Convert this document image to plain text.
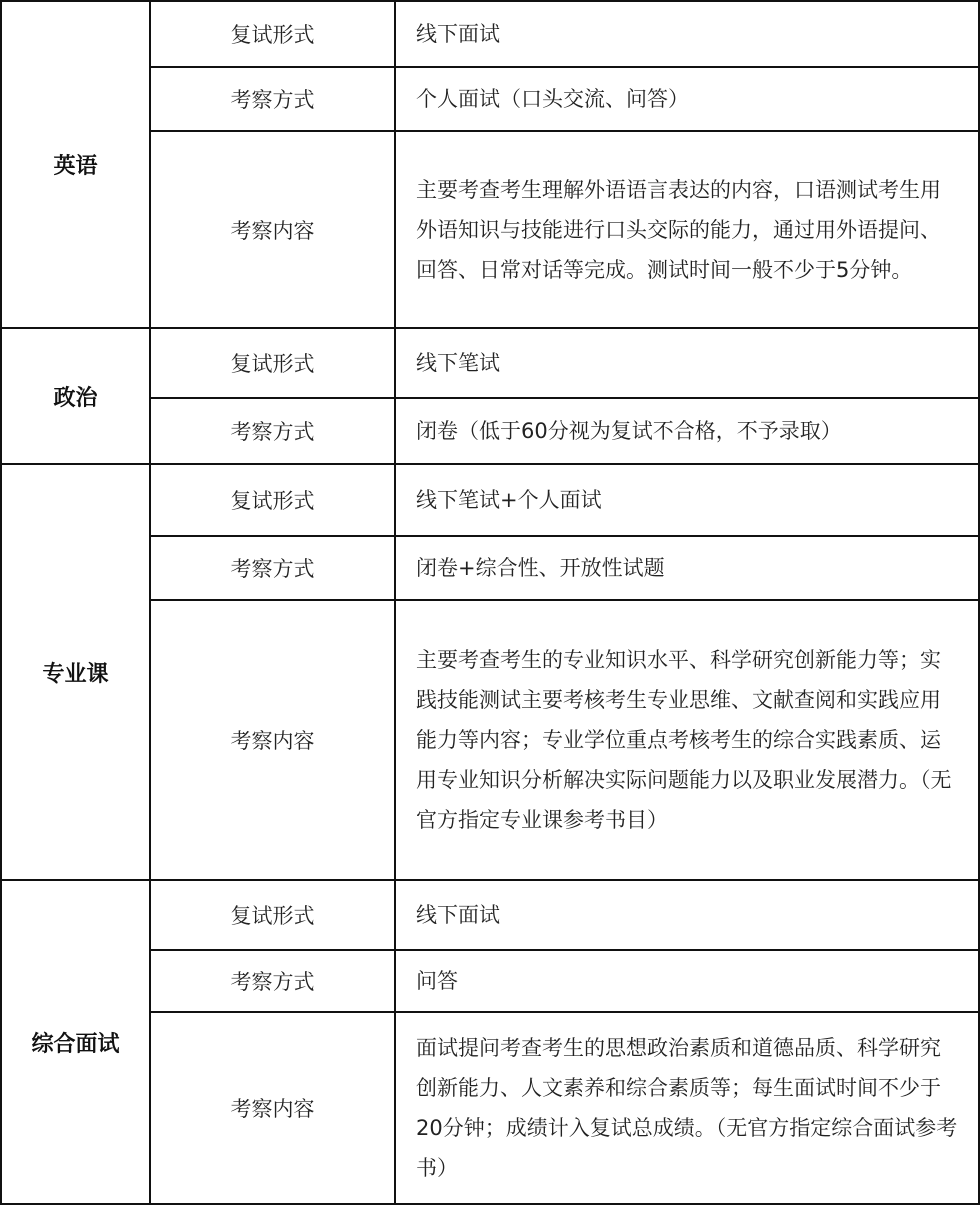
英语	复试形式	线下面试
	考察方式	个人面试（口头交流、问答）
	考察内容	主要考查考生理解外语语言表达的内容，口语测试考生用外语知识与技能进行口头交际的能力，通过用外语提问、回答、日常对话等完成。测试时间一般不少于5分钟。
政治	复试形式	线下笔试
	考察方式	闭卷（低于60分视为复试不合格，不予录取）
专业课	复试形式	线下笔试+个人面试
	考察方式	闭卷+综合性、开放性试题
	考察内容	主要考查考生的专业知识水平、科学研究创新能力等；实践技能测试主要考核考生专业思维、文献查阅和实践应用能力等内容；专业学位重点考核考生的综合实践素质、运用专业知识分析解决实际问题能力以及职业发展潜力。（无官方指定专业课参考书目）
综合面试	复试形式	线下面试
	考察方式	问答
	考察内容	面试提问考查考生的思想政治素质和道德品质、科学研究创新能力、人文素养和综合素质等；每生面试时间不少于20分钟；成绩计入复试总成绩。（无官方指定综合面试参考书）
